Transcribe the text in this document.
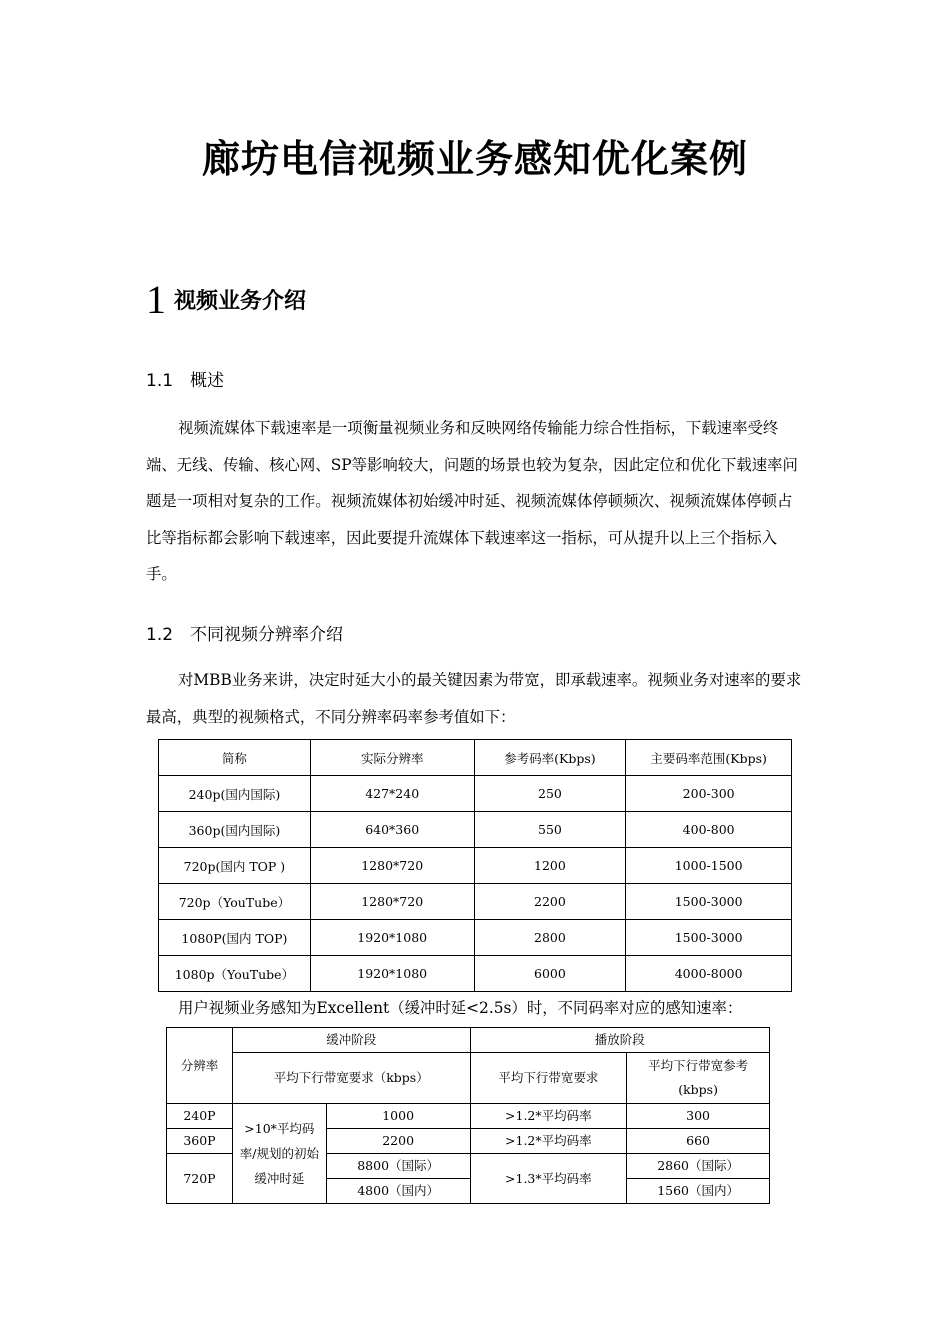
廊坊电信视频业务感知优化案例
1 视频业务介绍
1.1 概述
视频流媒体下载速率是一项衡量视频业务和反映网络传输能力综合性指标，下载速率受终端、无线、传输、核心网、SP等影响较大，问题的场景也较为复杂，因此定位和优化下载速率问题是一项相对复杂的工作。视频流媒体初始缓冲时延、视频流媒体停顿频次、视频流媒体停顿占比等指标都会影响下载速率，因此要提升流媒体下载速率这一指标，可从提升以上三个指标入手。
1.2 不同视频分辨率介绍
对MBB业务来讲，决定时延大小的最关键因素为带宽，即承载速率。视频业务对速率的要求最高，典型的视频格式，不同分辨率码率参考值如下：
简称	实际分辨率	参考码率(Kbps)	主要码率范围(Kbps)
240p(国内国际)	427*240	250	200-300
360p(国内国际)	640*360	550	400-800
720p(国内 TOP )	1280*720	1200	1000-1500
720p（YouTube）	1280*720	2200	1500-3000
1080P(国内 TOP)	1920*1080	2800	1500-3000
1080p（YouTube）	1920*1080	6000	4000-8000
用户视频业务感知为Excellent（缓冲时延<2.5s）时，不同码率对应的感知速率：
分辨率	缓冲阶段		播放阶段	
	平均下行带宽要求（kbps）		平均下行带宽要求	平均下行带宽参考(kbps)
240P	>10*平均码率/规划的初始缓冲时延	1000	>1.2*平均码率	300
360P		2200	>1.2*平均码率	660
720P		8800（国际）	>1.3*平均码率	2860（国际）
		4800（国内）		1560（国内）
